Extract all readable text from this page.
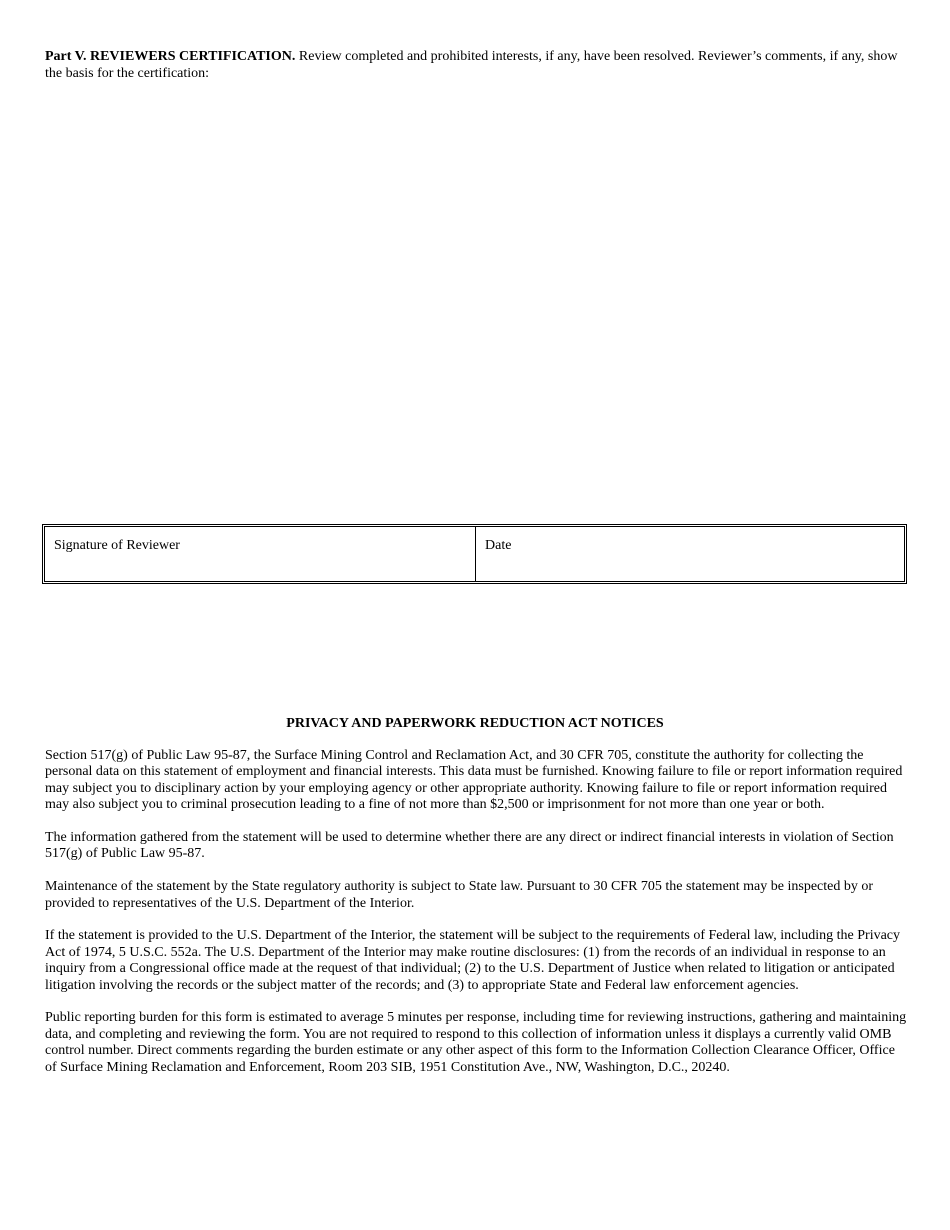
Part V. REVIEWERS CERTIFICATION. Review completed and prohibited interests, if any, have been resolved. Reviewer’s comments, if any, show the basis for the certification:
Signature of Reviewer	Date
PRIVACY AND PAPERWORK REDUCTION ACT NOTICES

Section 517(g) of Public Law 95-87, the Surface Mining Control and Reclamation Act, and 30 CFR 705, constitute the authority for collecting the personal data on this statement of employment and financial interests. This data must be furnished. Knowing failure to file or report information required may subject you to disciplinary action by your employing agency or other appropriate authority. Knowing failure to file or report information required may also subject you to criminal prosecution leading to a fine of not more than $2,500 or imprisonment for not more than one year or both.

The information gathered from the statement will be used to determine whether there are any direct or indirect financial interests in violation of Section 517(g) of Public Law 95-87.

Maintenance of the statement by the State regulatory authority is subject to State law. Pursuant to 30 CFR 705 the statement may be inspected by or provided to representatives of the U.S. Department of the Interior.

If the statement is provided to the U.S. Department of the Interior, the statement will be subject to the requirements of Federal law, including the Privacy Act of 1974, 5 U.S.C. 552a. The U.S. Department of the Interior may make routine disclosures: (1) from the records of an individual in response to an inquiry from a Congressional office made at the request of that individual; (2) to the U.S. Department of Justice when related to litigation or anticipated litigation involving the records or the subject matter of the records; and (3) to appropriate State and Federal law enforcement agencies.

Public reporting burden for this form is estimated to average 5 minutes per response, including time for reviewing instructions, gathering and maintaining data, and completing and reviewing the form. You are not required to respond to this collection of information unless it displays a currently valid OMB control number. Direct comments regarding the burden estimate or any other aspect of this form to the Information Collection Clearance Officer, Office of Surface Mining Reclamation and Enforcement, Room 203 SIB, 1951 Constitution Ave., NW, Washington, D.C., 20240.
